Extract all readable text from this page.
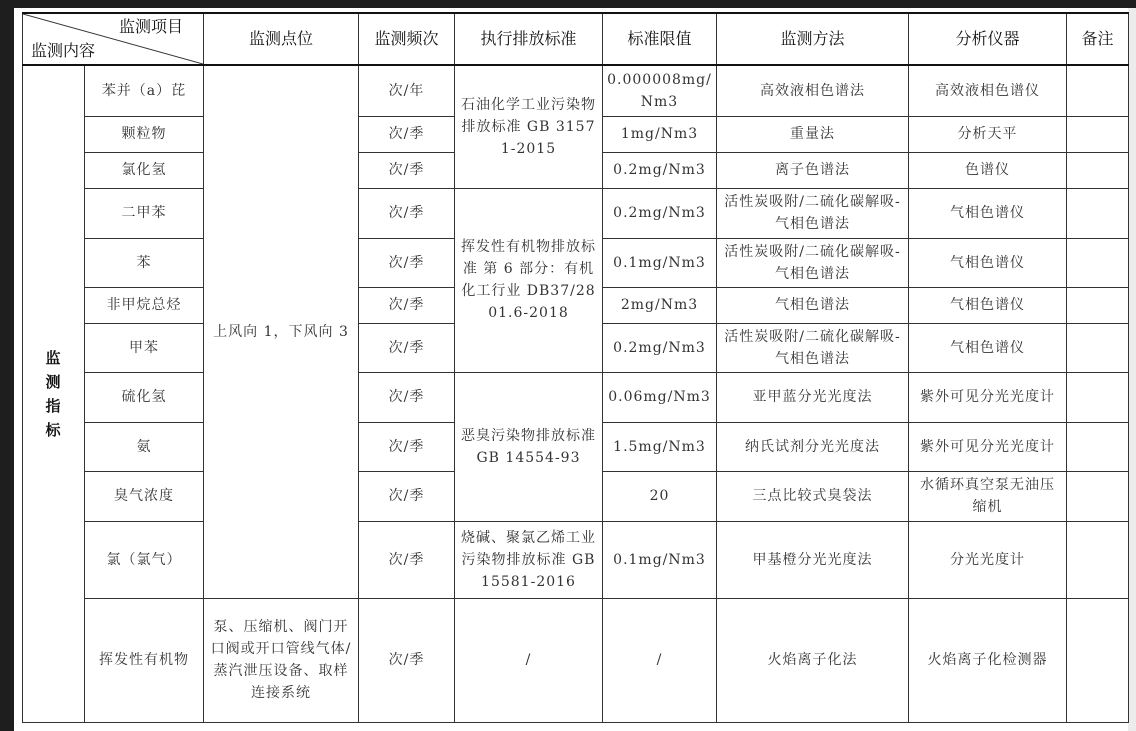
监测项目
监测内容		监测点位	监测频次	执行排放标准	标准限值	监测方法	分析仪器	备注

监测指标	苯并（a）芘	上风向 1，下风向 3	次/年	石油化学工业污染物排放标准 GB 31571-2015	0.000008mg/Nm3	高效液相色谱法	高效液相色谱仪	
	颗粒物		次/季		1mg/Nm3	重量法	分析天平	
	氯化氢		次/季		0.2mg/Nm3	离子色谱法	色谱仪	
	二甲苯		次/季	挥发性有机物排放标准 第 6 部分：有机化工行业 DB37/2801.6-2018	0.2mg/Nm3	活性炭吸附/二硫化碳解吸-气相色谱法	气相色谱仪	
	苯		次/季		0.1mg/Nm3	活性炭吸附/二硫化碳解吸-气相色谱法	气相色谱仪	
	非甲烷总烃		次/季		2mg/Nm3	气相色谱法	气相色谱仪	
	甲苯		次/季		0.2mg/Nm3	活性炭吸附/二硫化碳解吸-气相色谱法	气相色谱仪	
	硫化氢		次/季	恶臭污染物排放标准 GB 14554-93	0.06mg/Nm3	亚甲蓝分光光度法	紫外可见分光光度计	
	氨		次/季		1.5mg/Nm3	纳氏试剂分光光度法	紫外可见分光光度计	
	臭气浓度		次/季		20	三点比较式臭袋法	水循环真空泵无油压缩机	
	氯（氯气）		次/季	烧碱、聚氯乙烯工业污染物排放标准 GB15581-2016	0.1mg/Nm3	甲基橙分光光度法	分光光度计	
	挥发性有机物	泵、压缩机、阀门开口阀或开口管线气体/蒸汽泄压设备、取样连接系统	次/季	/	/	火焰离子化法	火焰离子化检测器	
